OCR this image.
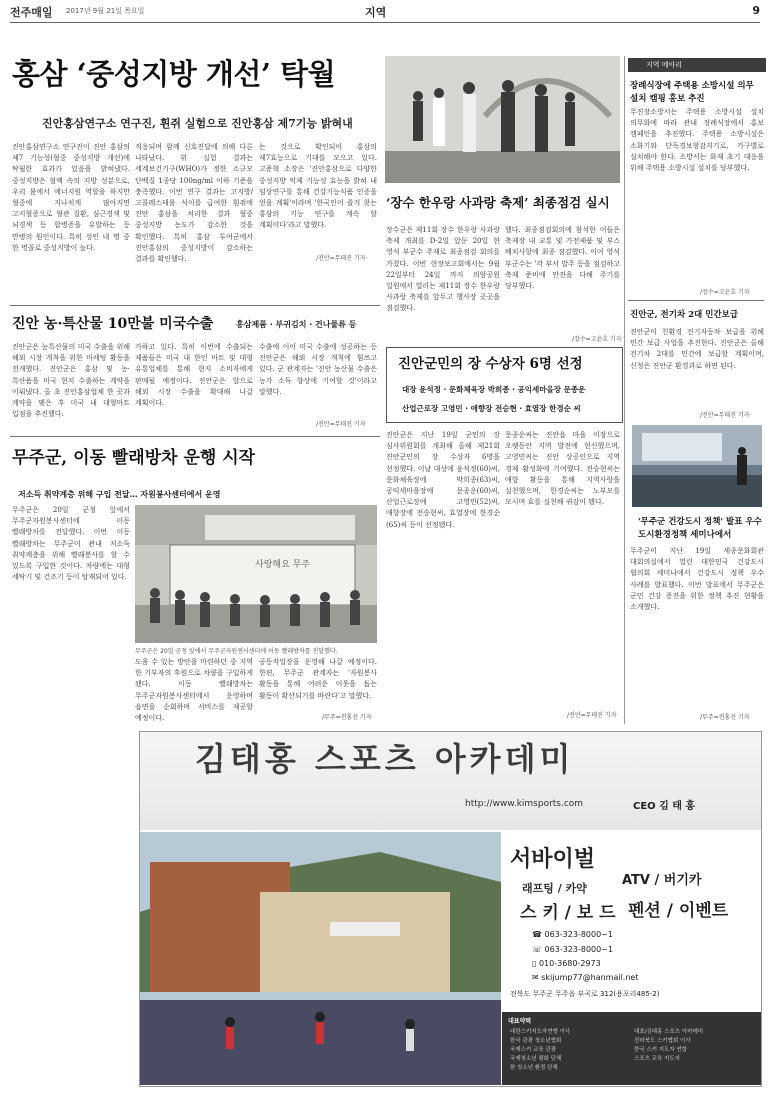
전주매일 2017년 9월 21일 목요일	지역	9
홍삼 ‘중성지방 개선’ 탁월
진안홍삼연구소 연구진, 휜쥐 실험으로 진안홍삼 제7기능 밝혀내
진안홍삼연구소 연구진이 진안 홍삼의 제7 기능성(혈중 중성지방 개선)에 탁월한 효과가 있음을 밝혀냈다. 중성지방은 혈액 속의 지방 성분으로, 우리 몸에서 에너지원 역할을 하지만 혈중에 지나치게 많아지면 고지혈증으로 혈관 질환, 심근경색 및 뇌경색 등 합병증을 유발하는 등 만병의 원인이다. 특히 성인 네 명 중 한 명꼴로 중성지방이 높다.
적응되며 함께 신호전달에 의해 다른 나타났다. 위 실험 결과는 세계보건기구(WHO)가 정한 소규모 단백질 1종당 100ng/ml 이하 기준을 충족했다. 이번 연구 결과는 고지방/고콜레스테롤 식이를 급여한 흰쥐에 진안 홍삼을 처리한 결과 혈중 중성지방 농도가 감소한 것을 확인했다. 특히 홍삼 투여군에서 진안홍삼의 중성지방이 감소하는 결과를 확인했다.
는 것으로 확인되어 홍삼의 제7효능으로 기대를 모으고 있다. 고준혁 소장은 '진안홍삼으로 다양한 중성지방 억제 기능성 효능을 밝혀 내 임상연구를 통해 건강기능식품 인증을 얻을 계획'이라며 '한국인이 즐겨 찾는 홍삼의 기능 연구를 계속 할 계획이다'라고 말했다.
/진안=무태진 기자
‘장수 한우랑 사과랑 축제’ 최종점검 실시
장수군은 제11회 장수 한우랑 사과랑 축제 개최를 D-2일 앞둔 20일 한 영석 부군수 주재로 최종점검 회의를 가졌다. 이번 현장보고회에서는 9월 22일부터 24일 까지 의암공원 일원에서 열리는 제11회 장수 한우랑 사과랑 축제를 앞두고 행사장 곳곳을 점검했다.
했다. 최종점검회의에 참석한 이들은 축제장 내 교통 및 가전제품 및 부스 배치사항에 최종 점검했다. 이어 영석 부군수는 '각 부서 발주 등을 점검하고 축제 준비에 만전을 다해 주기를 당부했다.
/장수=고윤호 기자
진안 농·특산물 10만불 미국수출	홍삼제품 · 부귀김치 · 건나물류 등
진안군은 농특산물의 미국 수출을 위해 해외 시장 개척을 위한 마케팅 활동을 전개했다. 진안군은 홍삼 및 농·특산품을 미국 현지 수출하는 계약을 이뤄냈다. 올 초 진안홍삼업체 한 곳과 계약을 맺은 후 미국 내 대형마트 입점을 추진했다.
가하고 있다. 특히 이번에 수출되는 제품들은 미국 내 한인 마트 및 대형 유통업체를 통해 현지 소비자에게 판매될 예정이다. 진안군은 앞으로 해외 시장 수출을 확대해 나갈 계획이다.
수출에 이어 미국 수출에 성공하는 등 진안군은 해외 시장 개척에 힘쓰고 있다. 군 관계자는 '진안 농산물 수출은 농가 소득 향상에 기여할 것'이라고 말했다.
/진안=무태진 기자
무주군, 이동 빨래방차 운행 시작
저소득 취약계층 위해 구입 전달… 자원봉사센터에서 운영
무주군은 20일 군청 앞에서 무주군자원봉사센터에 이동 빨래방차를 전달했다. 이번 이동 빨래방차는 무주군이 관내 저소득 취약계층을 위해 빨래봉사를 할 수 있도록 구입한 것이다. 차량에는 대형 세탁기 및 건조기 등이 탑재되어 있다.
사랑해요 무주
무주군은 20일 군청 앞에서 무주군자원봉사센터에 이동 빨래방차를 전달했다.
도움 수 있는 방안을 마련하던 중 지역 한 기부자의 후원으로 차량을 구입하게 됐다. 이동 빨래방차는 무주군자원봉사센터에서 운영하며 읍면을 순회하며 서비스를 제공할 예정이다.
공동작업장을 운영해 나갈 예정이다. 한편, 무주군 관계자는 '자원봉사 활동을 통해 어려운 이웃을 돕는 활동이 확산되기를 바란다'고 말했다.
/무주=전홍선 기자
진안군민의 장 수상자 6명 선정
대장 윤석정 · 문화체육장 박희종 · 공익세마을장 문종운
산업근로장 고영민 · 애향장 전승현 · 효열장 한경순 씨
진안군은 지난 19일 군민의 장 심사위원회를 개최해 올해 제21회 진안군민의 장 수상자 6명을 선정했다. 이날 대상에 윤석정(60)씨, 문화체육장에 박희종(63)씨, 공익세마을장에 문종운(60)씨, 산업근로장에 고영민(52)씨, 애향장에 전승현씨, 효열장에 한경순(65)씨 등이 선정됐다.
문종운씨는 진안읍 마을 이장으로 오랫동안 지역 발전에 헌신했으며, 고영민씨는 진안 상공인으로 지역 경제 활성화에 기여했다. 전승현씨는 애향 활동을 통해 지역사랑을 실천했으며, 한경순씨는 노부모를 모시며 효를 실천해 귀감이 됐다.
/진안=무태진 기자
지역 메아리
장례식장에 주택용 소방시설 의무 설치 캠핑 홍보 추진
무진장소방서는 주택용 소방시설 설치 의무화에 따라 관내 장례식장에서 홍보 캠페인을 추진했다. 주택용 소방시설은 소화기와 단독경보형감지기로, 가구별로 설치해야 한다. 소방서는 화재 초기 대응을 위해 주택용 소방시설 설치를 당부했다.
/장수=고윤호 기자
진안군, 전기차 2대 민간보급
진안군이 친환경 전기자동차 보급을 위해 민간 보급 사업을 추진한다. 진안군은 올해 전기차 2대를 민간에 보급할 계획이며, 신청은 진안군 환경과로 하면 된다.
/진안=무태진 기자
'무주군 건강도시 정책' 발표 우수도시환경정책 세미나에서
무주군이 지난 19일 세종문화회관 대회의실에서 열린 대한민국 건강도시 협의회 세미나에서 건강도시 정책 우수 사례를 발표했다. 이번 발표에서 무주군은 군민 건강 증진을 위한 정책 추진 현황을 소개했다.
/무주=전홍선 기자
김태홍 스포츠 아카데미
http://www.kimsports.com	CEO 김 태 홍
서바이벌
ATV / 버기카
래프팅 / 카약
스 키 / 보 드 펜션 / 이벤트
☎ 063-323-8000~1
☏ 063-323-8000~1
▯ 010-3680-2973
✉ skijump77@hanmail.net
전북도 무주군 무주읍 부곡로 312(용포리485-2)
대표약력
대한스키지도자연맹 이사
한국 관광 청소년협회
국제스키 교육 관광
국제청소년 평화 단체
한 청소년 환경 단체
대표/김태홍 스포츠 아카데미
전라북도 스키협회 이사
한국 스키 지도자 연합
스포츠 교육 지도자
